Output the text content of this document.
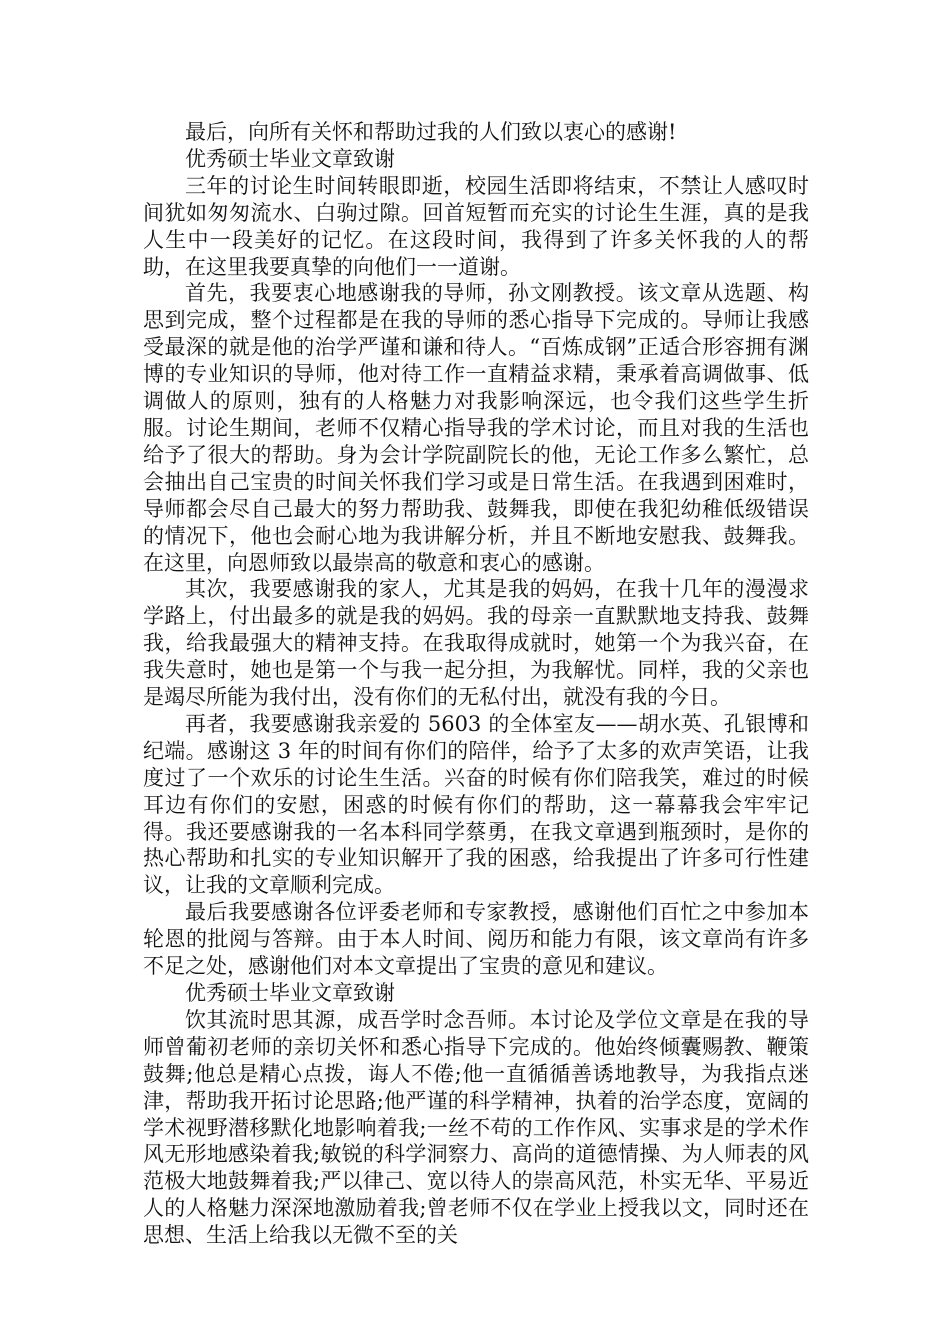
最后，向所有关怀和帮助过我的人们致以衷心的感谢!

优秀硕士毕业文章致谢

三年的讨论生时间转眼即逝，校园生活即将结束，不禁让人感叹时间犹如匆匆流水、白驹过隙。回首短暂而充实的讨论生生涯，真的是我人生中一段美好的记忆。在这段时间，我得到了许多关怀我的人的帮助，在这里我要真挚的向他们一一道谢。

首先，我要衷心地感谢我的导师，孙文刚教授。该文章从选题、构思到完成，整个过程都是在我的导师的悉心指导下完成的。导师让我感受最深的就是他的治学严谨和谦和待人。“百炼成钢”正适合形容拥有渊博的专业知识的导师，他对待工作一直精益求精，秉承着高调做事、低调做人的原则，独有的人格魅力对我影响深远，也令我们这些学生折服。讨论生期间，老师不仅精心指导我的学术讨论，而且对我的生活也给予了很大的帮助。身为会计学院副院长的他，无论工作多么繁忙，总会抽出自己宝贵的时间关怀我们学习或是日常生活。在我遇到困难时，导师都会尽自己最大的努力帮助我、鼓舞我，即使在我犯幼稚低级错误的情况下，他也会耐心地为我讲解分析，并且不断地安慰我、鼓舞我。在这里，向恩师致以最崇高的敬意和衷心的感谢。

其次，我要感谢我的家人，尤其是我的妈妈，在我十几年的漫漫求学路上，付出最多的就是我的妈妈。我的母亲一直默默地支持我、鼓舞我，给我最强大的精神支持。在我取得成就时，她第一个为我兴奋，在我失意时，她也是第一个与我一起分担，为我解忧。同样，我的父亲也是竭尽所能为我付出，没有你们的无私付出，就没有我的今日。

再者，我要感谢我亲爱的 5603 的全体室友——胡水英、孔银博和纪端。感谢这 3 年的时间有你们的陪伴，给予了太多的欢声笑语，让我度过了一个欢乐的讨论生生活。兴奋的时候有你们陪我笑，难过的时候耳边有你们的安慰，困惑的时候有你们的帮助，这一幕幕我会牢牢记得。我还要感谢我的一名本科同学蔡勇，在我文章遇到瓶颈时，是你的热心帮助和扎实的专业知识解开了我的困惑，给我提出了许多可行性建议，让我的文章顺利完成。

最后我要感谢各位评委老师和专家教授，感谢他们百忙之中参加本轮恩的批阅与答辩。由于本人时间、阅历和能力有限，该文章尚有许多不足之处，感谢他们对本文章提出了宝贵的意见和建议。

优秀硕士毕业文章致谢

饮其流时思其源，成吾学时念吾师。本讨论及学位文章是在我的导师曾葡初老师的亲切关怀和悉心指导下完成的。他始终倾囊赐教、鞭策鼓舞;他总是精心点拨，诲人不倦;他一直循循善诱地教导，为我指点迷津，帮助我开拓讨论思路;他严谨的科学精神，执着的治学态度，宽阔的学术视野潜移默化地影响着我;一丝不苟的工作作风、实事求是的学术作风无形地感染着我;敏锐的科学洞察力、高尚的道德情操、为人师表的风范极大地鼓舞着我;严以律己、宽以待人的崇高风范，朴实无华、平易近人的人格魅力深深地激励着我;曾老师不仅在学业上授我以文，同时还在思想、生活上给我以无微不至的关
